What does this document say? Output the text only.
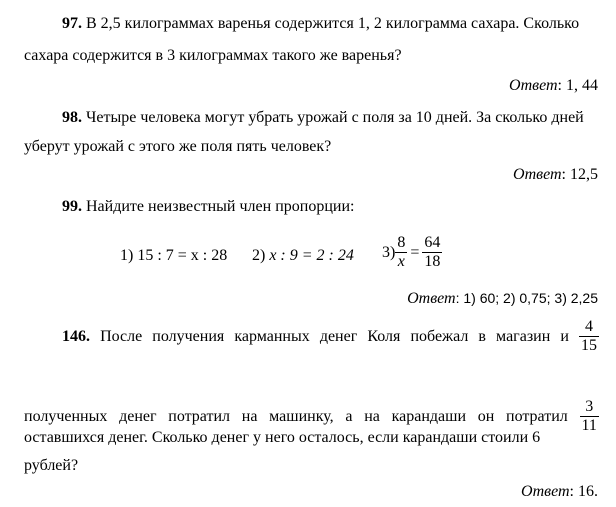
97. В 2,5 килограммах варенья содержится 1, 2 килограмма сахара. Сколько
сахара содержится в 3 килограммах такого же варенья?
Ответ: 1, 44
98. Четыре человека могут убрать урожай с поля за 10 дней. За сколько дней
уберут урожай с этого же поля пять человек?
Ответ: 12,5
99. Найдите неизвестный член пропорции:
1) 15 : 7 = x : 28 2) x : 9 = 2 : 24 $3) \frac{8}{x} = \frac{64}{18}$
Ответ: 1) 60; 2) 0,75; 3) 2,25
146. После получения карманных денег Коля побежал в магазин и $\frac{4}{15}$
полученных денег потратил на машинку, а на карандаши он потратил $\frac{3}{11}$
оставшихся денег. Сколько денег у него осталось, если карандаши стоили 6
рублей?
Ответ: 16.
